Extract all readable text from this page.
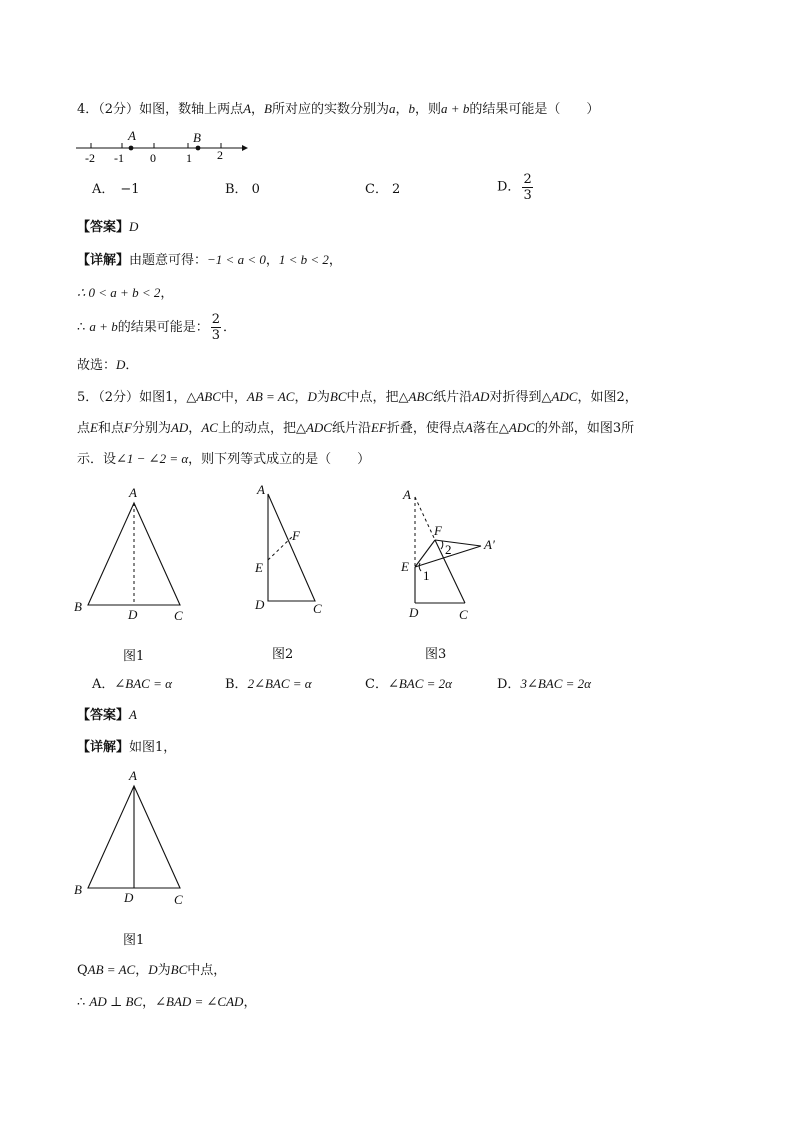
4．（2分）如图，数轴上两点A，B所对应的实数分别为a，b，则a + b的结果可能是（　　）
A	B
-2 -1 0	1 2
A． −1	B． 0	C． 2	D． $\frac{2}{3}$
【答案】D
【详解】由题意可得：−1 < a < 0，1 < b < 2，
∴ 0 < a + b < 2，
∴ a + b的结果可能是： $\frac{2}{3}$ ．
故选：D．
5．（2分）如图1，△ABC中，AB = AC，D为BC中点，把△ABC纸片沿AD对折得到△ADC，如图2，
点E和点F分别为AD，AC上的动点，把△ADC纸片沿EF折叠，使得点A落在△ADC的外部，如图3所
示．设∠1 − ∠2 = α，则下列等式成立的是（　　）
A
B
D	C
图1
A
F
E
D	C
图2
A
F
A′
2
E
1
D	C
图3
A．∠BAC = α	B．2∠BAC = α	C．∠BAC = 2α	D．3∠BAC = 2α
【答案】A
【详解】如图1，
A
B
D	C
图1
QAB = AC，D为BC中点，
∴ AD ⊥ BC，∠BAD = ∠CAD，
